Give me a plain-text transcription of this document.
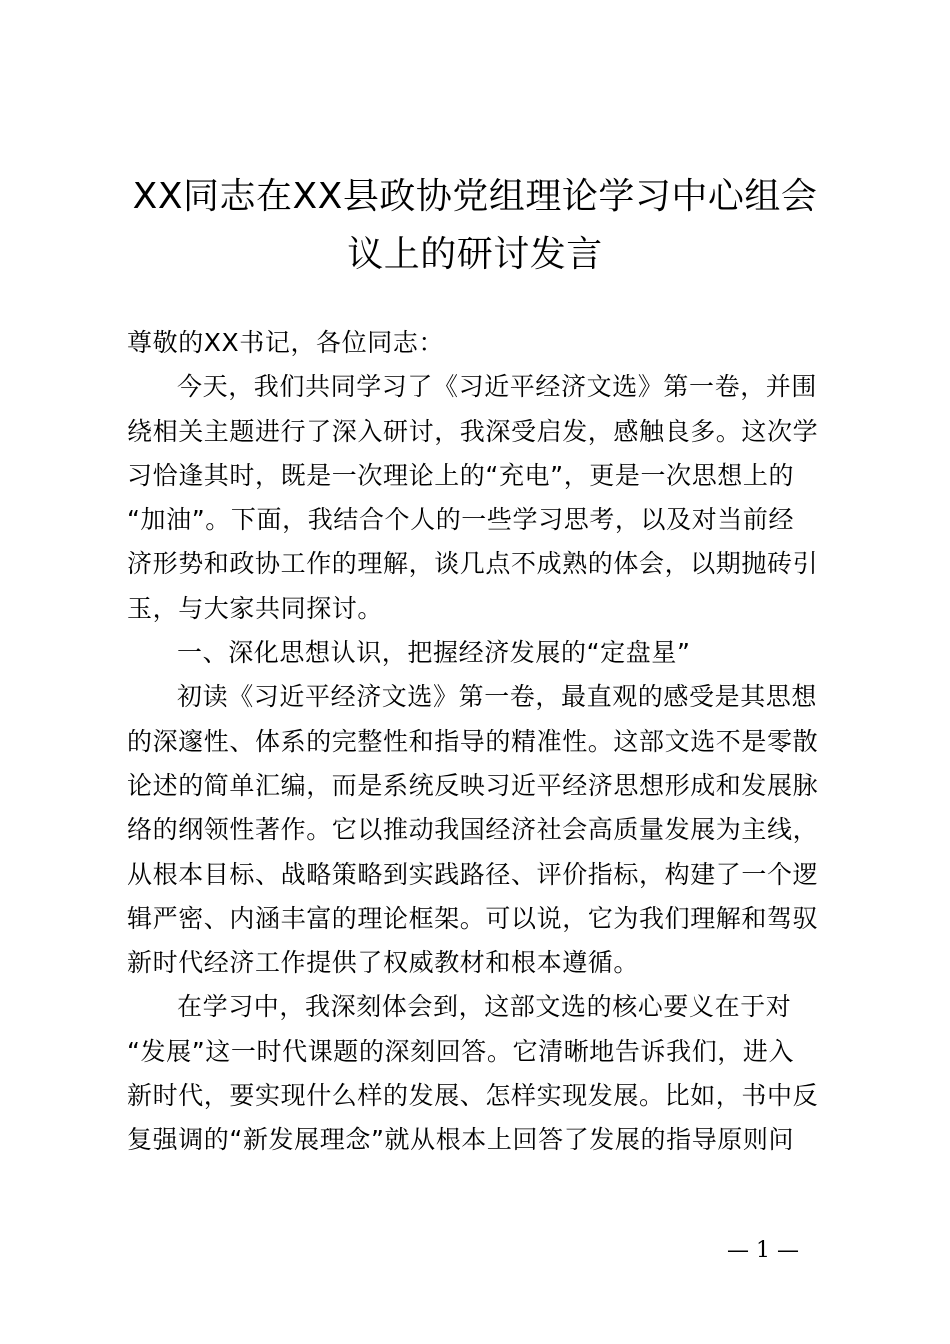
XX同志在XX县政协党组理论学习中心组会
议上的研讨发言
尊敬的XX书记，各位同志：
今天，我们共同学习了《习近平经济文选》第一卷，并围
绕相关主题进行了深入研讨，我深受启发，感触良多。这次学
习恰逢其时，既是一次理论上的“充电”，更是一次思想上的
“加油”。下面，我结合个人的一些学习思考，以及对当前经
济形势和政协工作的理解，谈几点不成熟的体会，以期抛砖引
玉，与大家共同探讨。
一、深化思想认识，把握经济发展的“定盘星”
初读《习近平经济文选》第一卷，最直观的感受是其思想
的深邃性、体系的完整性和指导的精准性。这部文选不是零散
论述的简单汇编，而是系统反映习近平经济思想形成和发展脉
络的纲领性著作。它以推动我国经济社会高质量发展为主线，
从根本目标、战略策略到实践路径、评价指标，构建了一个逻
辑严密、内涵丰富的理论框架。可以说，它为我们理解和驾驭
新时代经济工作提供了权威教材和根本遵循。
在学习中，我深刻体会到，这部文选的核心要义在于对
“发展”这一时代课题的深刻回答。它清晰地告诉我们，进入
新时代，要实现什么样的发展、怎样实现发展。比如，书中反
复强调的“新发展理念”就从根本上回答了发展的指导原则问
— 1 —
